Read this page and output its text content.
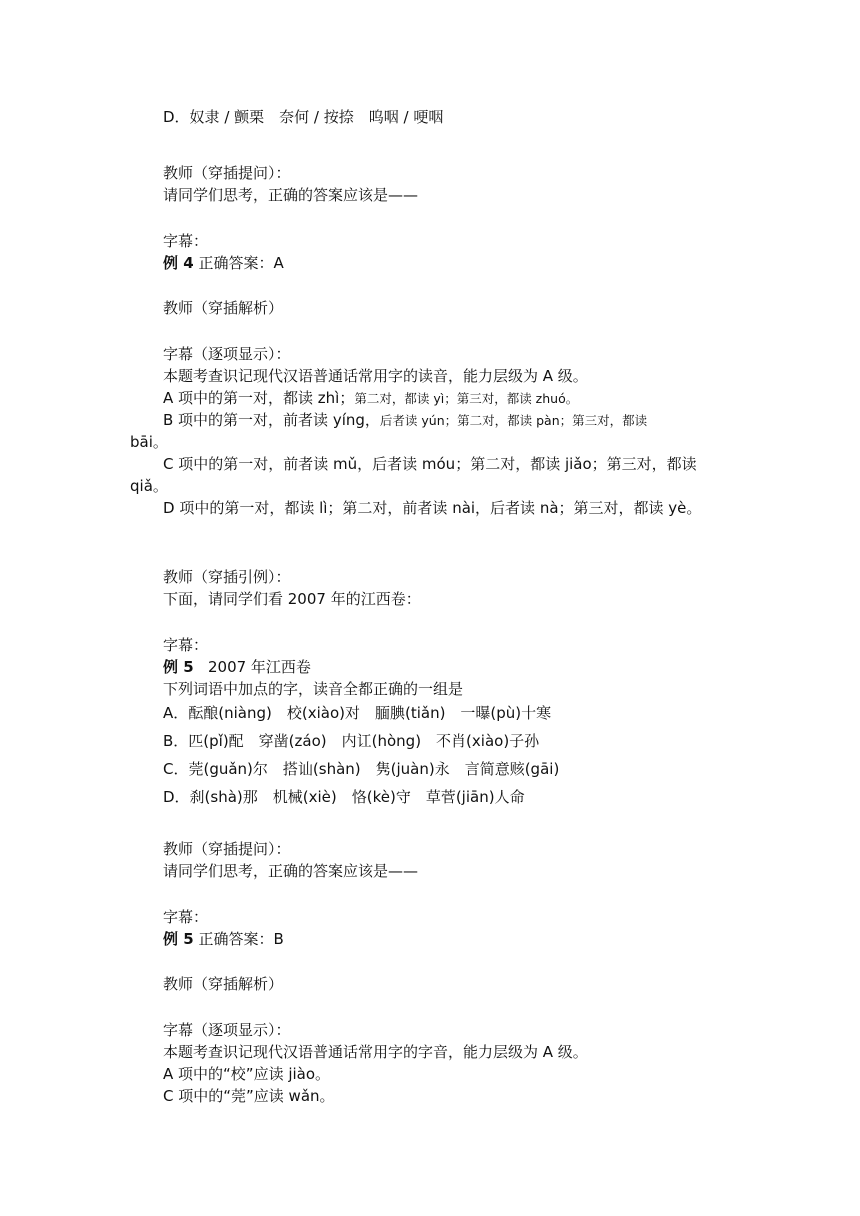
D．奴隶 / 颤栗　奈何 / 按捺　呜咽 / 哽咽
教师（穿插提问）：
请同学们思考，正确的答案应该是——
字幕：
例 4 正确答案：A
教师（穿插解析）
字幕（逐项显示）：
本题考查识记现代汉语普通话常用字的读音，能力层级为 A 级。
A 项中的第一对，都读 zhì；第二对，都读 yì；第三对，都读 zhuó。
B 项中的第一对，前者读 yíng，后者读 yún；第二对，都读 pàn；第三对，都读
bāi。
C 项中的第一对，前者读 mǔ，后者读 móu；第二对，都读 jiǎo；第三对，都读 qiǎ。
D 项中的第一对，都读 lì；第二对，前者读 nài，后者读 nà；第三对，都读 yè。
教师（穿插引例）：
下面，请同学们看 2007 年的江西卷：
字幕：
例 5 2007 年江西卷
下列词语中加点的字，读音全都正确的一组是
A．酝酿(niàng)　校(xiào)对　腼腆(tiǎn)　一曝(pù)十寒
B．匹(pǐ)配　穿凿(záo)　内讧(hòng)　不肖(xiào)子孙
C．莞(guǎn)尔　搭讪(shàn)　隽(juàn)永　言简意赅(gāi)
D．刹(shà)那　机械(xiè)　恪(kè)守　草菅(jiān)人命
教师（穿插提问）：
请同学们思考，正确的答案应该是——
字幕：
例 5 正确答案：B
教师（穿插解析）
字幕（逐项显示）：
本题考查识记现代汉语普通话常用字的字音，能力层级为 A 级。
A 项中的“校”应读 jiào。
C 项中的“莞”应读 wǎn。
